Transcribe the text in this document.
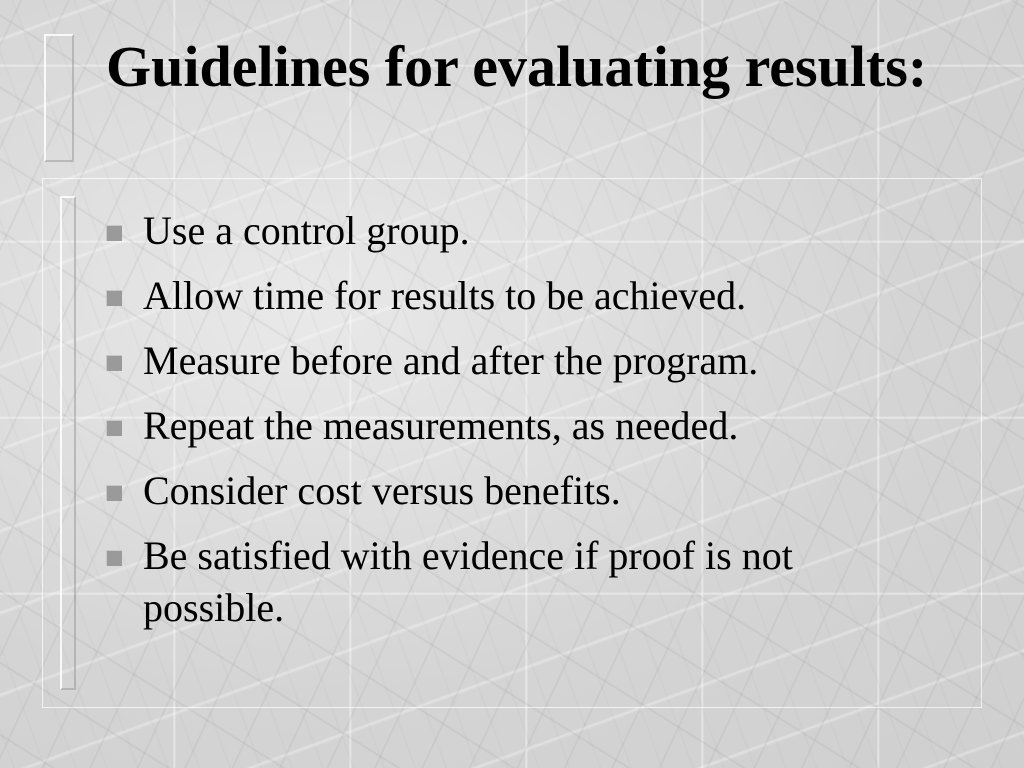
Guidelines for evaluating results:
Use a control group.
Allow time for results to be achieved.
Measure before and after the program.
Repeat the measurements, as needed.
Consider cost versus benefits.
Be satisfied with evidence if proof is not possible.
